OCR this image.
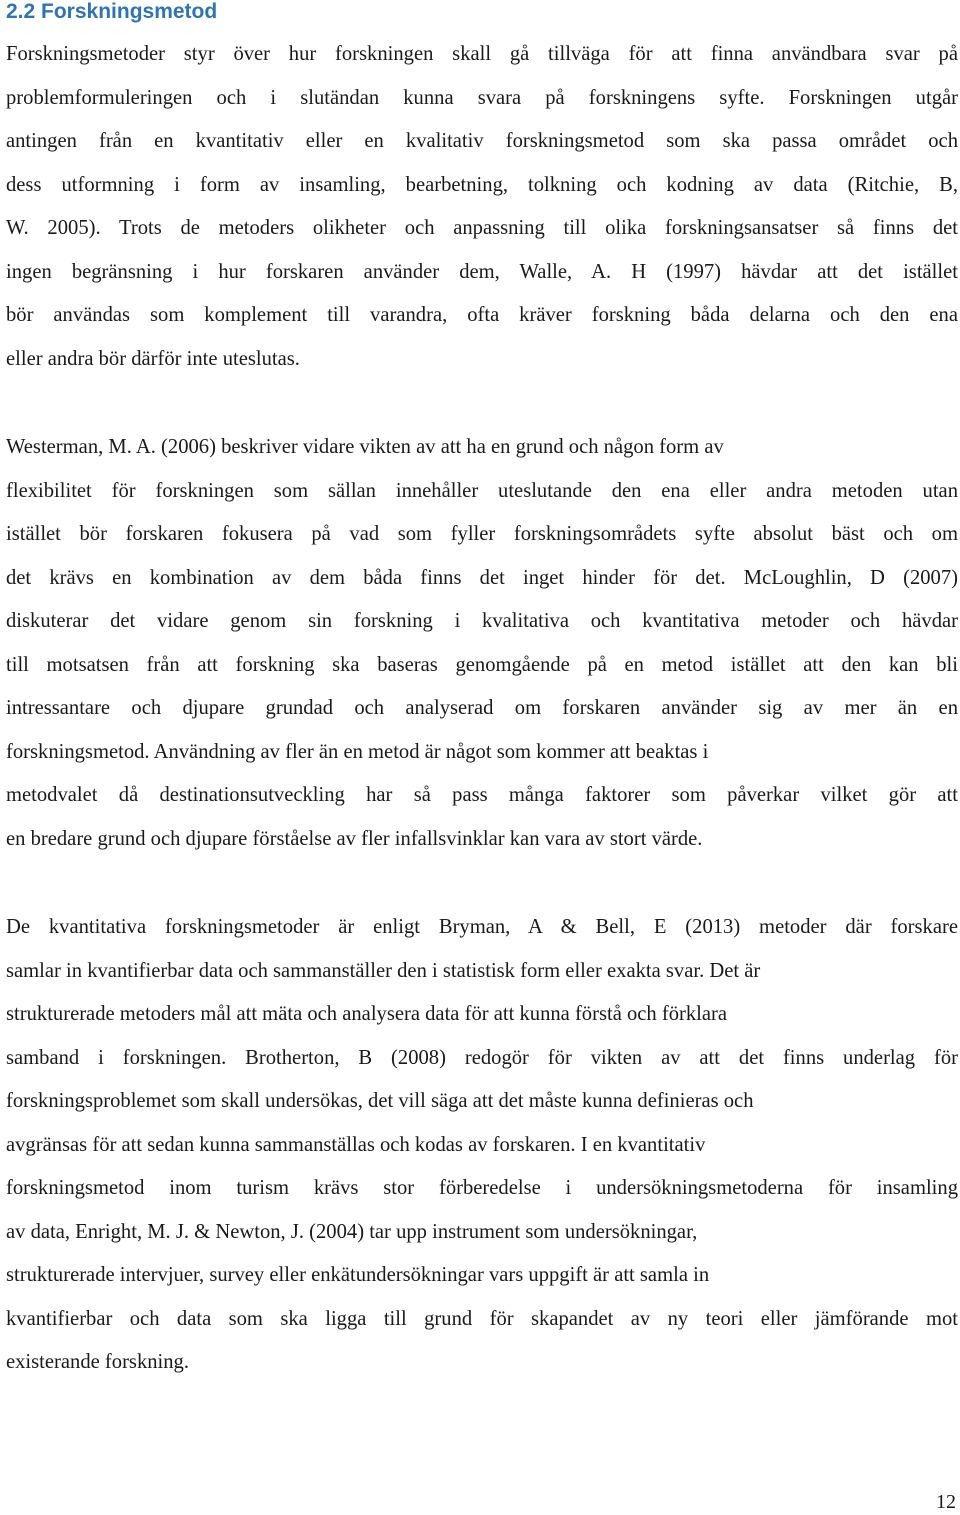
2.2 Forskningsmetod
Forskningsmetoder styr över hur forskningen skall gå tillväga för att finna användbara svar på
problemformuleringen och i slutändan kunna svara på forskningens syfte. Forskningen utgår
antingen från en kvantitativ eller en kvalitativ forskningsmetod som ska passa området och
dess utformning i form av insamling, bearbetning, tolkning och kodning av data (Ritchie, B,
W. 2005). Trots de metoders olikheter och anpassning till olika forskningsansatser så finns det
ingen begränsning i hur forskaren använder dem, Walle, A. H (1997) hävdar att det istället
bör användas som komplement till varandra, ofta kräver forskning båda delarna och den ena
eller andra bör därför inte uteslutas.
Westerman, M. A. (2006) beskriver vidare vikten av att ha en grund och någon form av
flexibilitet för forskningen som sällan innehåller uteslutande den ena eller andra metoden utan
istället bör forskaren fokusera på vad som fyller forskningsområdets syfte absolut bäst och om
det krävs en kombination av dem båda finns det inget hinder för det. McLoughlin, D (2007)
diskuterar det vidare genom sin forskning i kvalitativa och kvantitativa metoder och hävdar
till motsatsen från att forskning ska baseras genomgående på en metod istället att den kan bli
intressantare och djupare grundad och analyserad om forskaren använder sig av mer än en
forskningsmetod. Användning av fler än en metod är något som kommer att beaktas i
metodvalet då destinationsutveckling har så pass många faktorer som påverkar vilket gör att
en bredare grund och djupare förståelse av fler infallsvinklar kan vara av stort värde.
De kvantitativa forskningsmetoder är enligt Bryman, A & Bell, E (2013) metoder där forskare
samlar in kvantifierbar data och sammanställer den i statistisk form eller exakta svar. Det är
strukturerade metoders mål att mäta och analysera data för att kunna förstå och förklara
samband i forskningen. Brotherton, B (2008) redogör för vikten av att det finns underlag för
forskningsproblemet som skall undersökas, det vill säga att det måste kunna definieras och
avgränsas för att sedan kunna sammanställas och kodas av forskaren. I en kvantitativ
forskningsmetod inom turism krävs stor förberedelse i undersökningsmetoderna för insamling
av data, Enright, M. J. & Newton, J. (2004) tar upp instrument som undersökningar,
strukturerade intervjuer, survey eller enkätundersökningar vars uppgift är att samla in
kvantifierbar och data som ska ligga till grund för skapandet av ny teori eller jämförande mot
existerande forskning.
12
